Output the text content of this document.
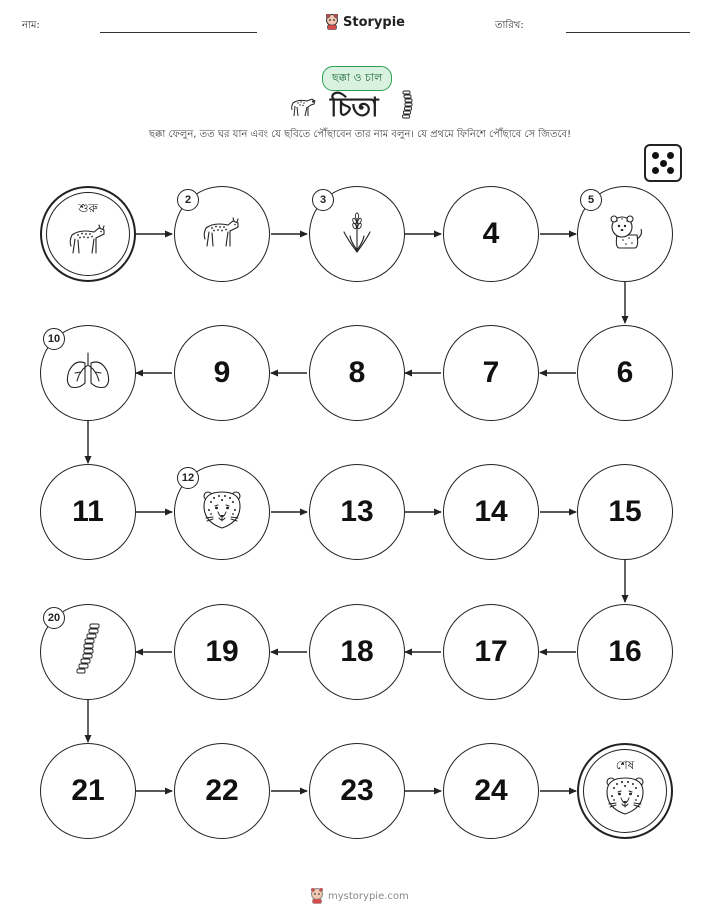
নাম:	Storypie	তারিখ:
ছক্কা ও চাল
চিতা
ছক্কা ফেলুন, তত ঘর যান এবং যে ছবিতে পৌঁছাবেন তার নাম বলুন। যে প্রথমে ফিনিশে পৌঁছাবে সে জিতবে!
শুরু
2	3
4
5
6
7
8
9
10
11
12
13	14	15
16
17
18
19
20
21	22	23	24
শেষ
mystorypie.com
